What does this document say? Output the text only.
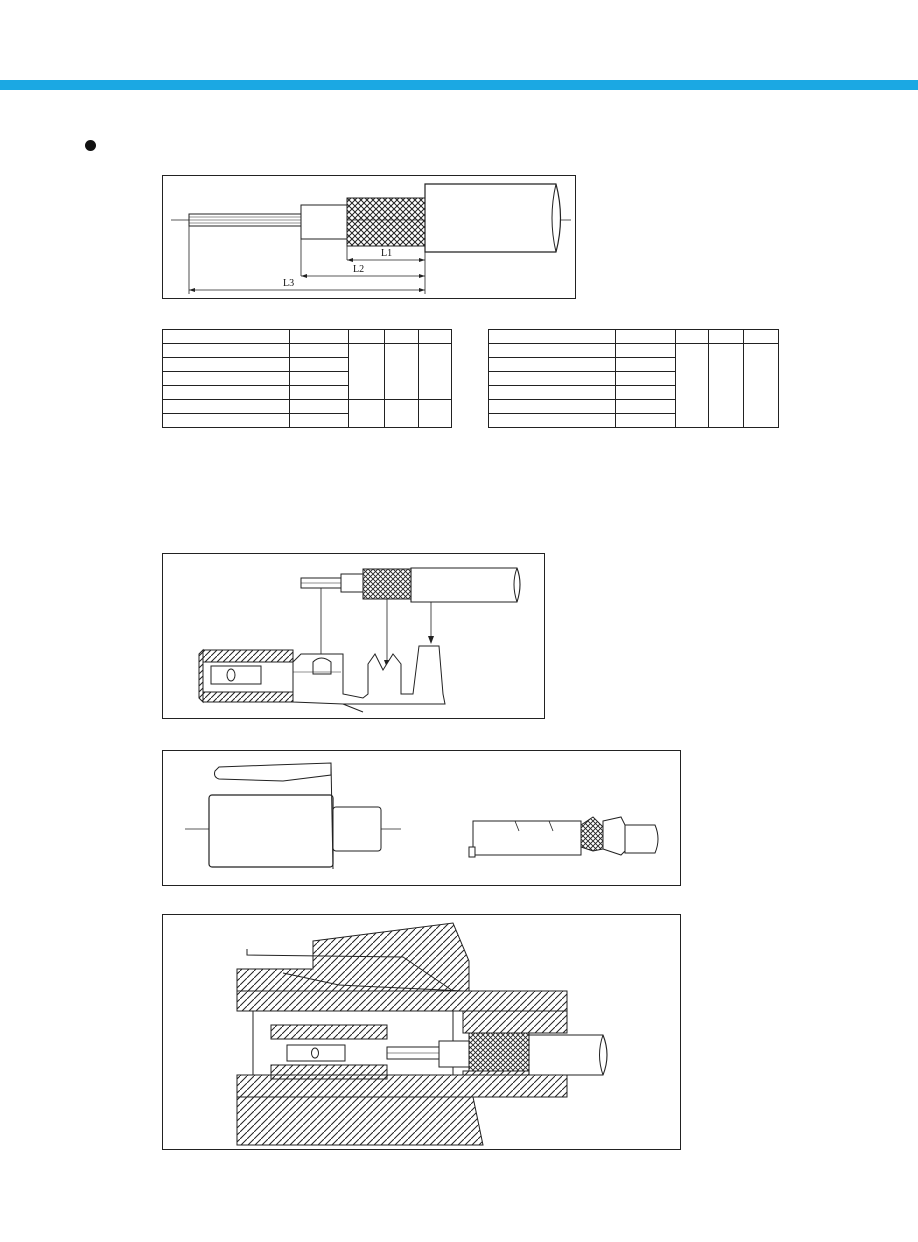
L1
L2
L3
